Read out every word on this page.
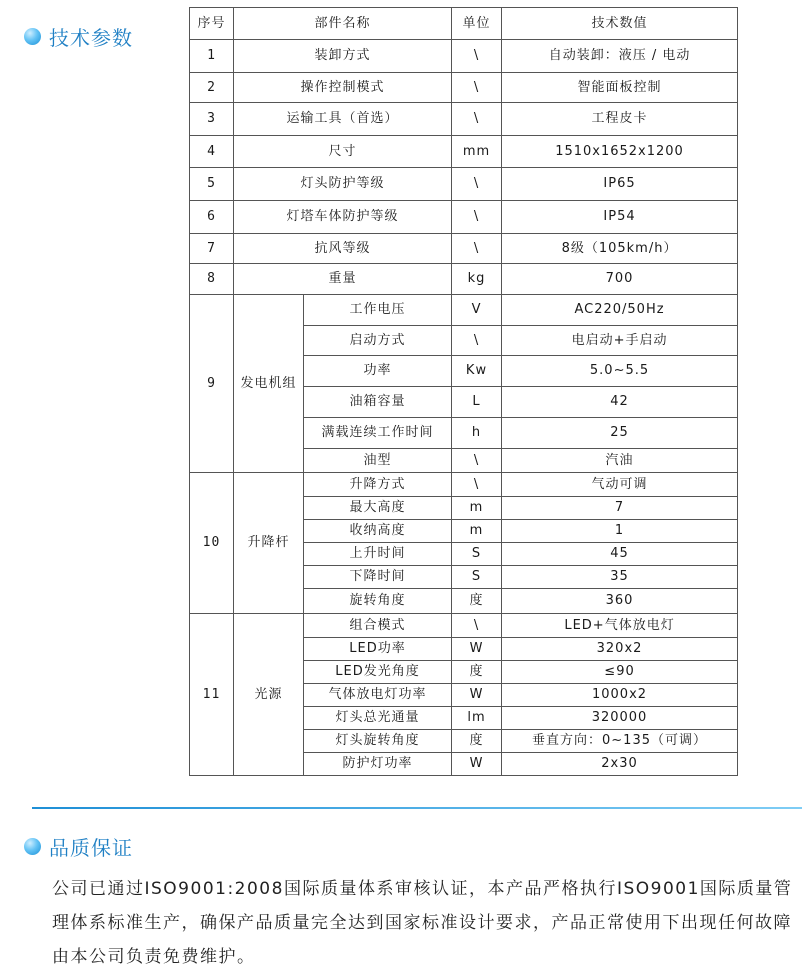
技术参数
序号	部件名称		单位	技术数值
1	装卸方式		\	自动装卸：液压 / 电动
2	操作控制模式		\	智能面板控制
3	运输工具（首选）		\	工程皮卡
4	尺寸		mm	1510x1652x1200
5	灯头防护等级		\	IP65
6	灯塔车体防护等级		\	IP54
7	抗风等级		\	8级（105km/h）
8	重量		kg	700
9	发电机组	工作电压	V	AC220/50Hz
		启动方式	\	电启动+手启动
		功率	Kw	5.0~5.5
		油箱容量	L	42
		满载连续工作时间	h	25
		油型	\	汽油
10	升降杆	升降方式	\	气动可调
		最大高度	m	7
		收纳高度	m	1
		上升时间	S	45
		下降时间	S	35
		旋转角度	度	360
11	光源	组合模式	\	LED+气体放电灯
		LED功率	W	320x2
		LED发光角度	度	≤90
		气体放电灯功率	W	1000x2
		灯头总光通量	lm	320000
		灯头旋转角度	度	垂直方向：0~135（可调）
		防护灯功率	W	2x30
品质保证
公司已通过ISO9001:2008国际质量体系审核认证，本产品严格执行ISO9001国际质量管理体系标准生产，确保产品质量完全达到国家标准设计要求，产品正常使用下出现任何故障由本公司负责免费维护。
